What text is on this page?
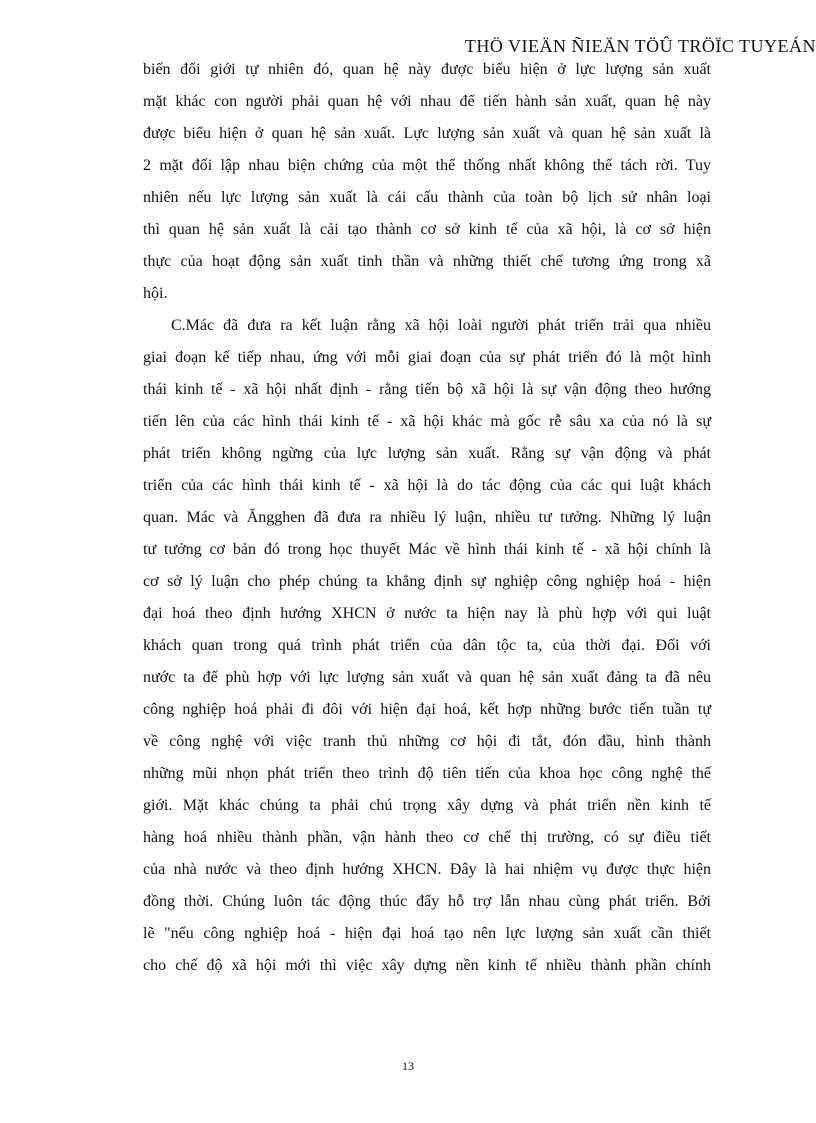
THÖ VIEÄN ÑIEÄN TÖÛ TRÖÏC TUYEÁN
biến đổi giới tự nhiên đó, quan hệ này được biểu hiện ở lực lượng sản xuất
mặt khác con người phải quan hệ với nhau để tiến hành sản xuất, quan hệ này
được biểu hiện ở quan hệ sản xuất. Lực lượng sản xuất và quan hệ sản xuất là
2 mặt đối lập nhau biện chứng của một thể thống nhất không thể tách rời. Tuy
nhiên nếu lực lượng sản xuất là cái cấu thành của toàn bộ lịch sử nhân loại
thì quan hệ sản xuất là cải tạo thành cơ sở kinh tế của xã hội, là cơ sở hiện
thực của hoạt động sản xuất tinh thần và những thiết chế tương ứng trong xã
hội.
C.Mác đã đưa ra kết luận rằng xã hội loài người phát triển trải qua nhiều
giai đoạn kế tiếp nhau, ứng với mỗi giai đoạn của sự phát triển đó là một hình
thái kinh tế - xã hội nhất định - rằng tiến bộ xã hội là sự vận động theo hướng
tiến lên của các hình thái kinh tế - xã hội khác mà gốc rễ sâu xa của nó là sự
phát triển không ngừng của lực lượng sản xuất. Rằng sự vận động và phát
triển của các hình thái kinh tế - xã hội là do tác động của các qui luật khách
quan. Mác và Ăngghen đã đưa ra nhiều lý luận, nhiều tư tưởng. Những lý luận
tư tưởng cơ bản đó trong học thuyết Mác về hình thái kinh tế - xã hội chính là
cơ sở lý luận cho phép chúng ta khẳng định sự nghiệp công nghiệp hoá - hiện
đại hoá theo định hướng XHCN ở nước ta hiện nay là phù hợp với qui luật
khách quan trong quá trình phát triển của dân tộc ta, của thời đại. Đối với
nước ta để phù hợp với lực lượng sản xuất và quan hệ sản xuất đảng ta đã nêu
công nghiệp hoá phải đi đôi với hiện đại hoá, kết hợp những bước tiến tuần tự
về công nghệ với việc tranh thủ những cơ hội đi tắt, đón đầu, hình thành
những mũi nhọn phát triển theo trình độ tiên tiến của khoa học công nghệ thế
giới. Mặt khác chúng ta phải chú trọng xây dựng và phát triển nền kinh tế
hàng hoá nhiều thành phần, vận hành theo cơ chế thị trường, có sự điều tiết
của nhà nước và theo định hướng XHCN. Đây là hai nhiệm vụ được thực hiện
đồng thời. Chúng luôn tác động thúc đẩy hỗ trợ lẫn nhau cùng phát triển. Bởi
lẽ "nếu công nghiệp hoá - hiện đại hoá tạo nên lực lượng sản xuất cần thiết
cho chế độ xã hội mới thì việc xây dựng nền kinh tế nhiều thành phần chính
13
